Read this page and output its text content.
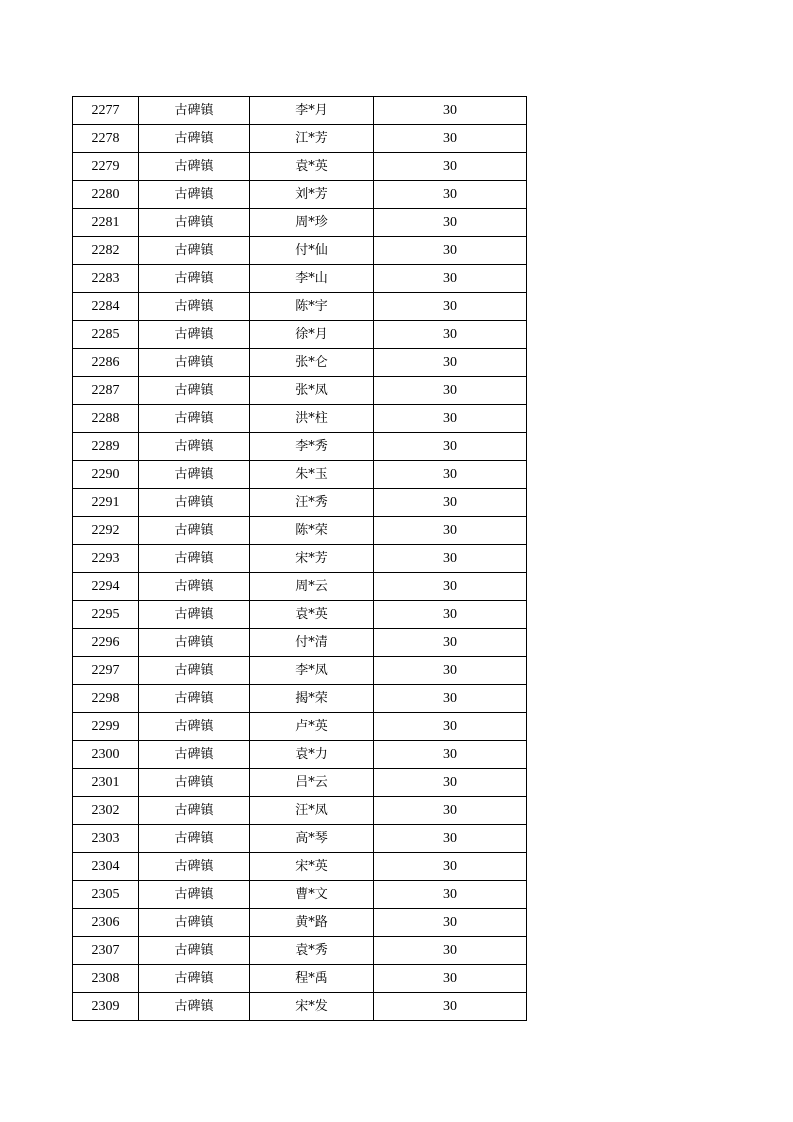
2277	古碑镇	李*月	30
2278	古碑镇	江*芳	30
2279	古碑镇	袁*英	30
2280	古碑镇	刘*芳	30
2281	古碑镇	周*珍	30
2282	古碑镇	付*仙	30
2283	古碑镇	李*山	30
2284	古碑镇	陈*宇	30
2285	古碑镇	徐*月	30
2286	古碑镇	张*仑	30
2287	古碑镇	张*凤	30
2288	古碑镇	洪*柱	30
2289	古碑镇	李*秀	30
2290	古碑镇	朱*玉	30
2291	古碑镇	汪*秀	30
2292	古碑镇	陈*荣	30
2293	古碑镇	宋*芳	30
2294	古碑镇	周*云	30
2295	古碑镇	袁*英	30
2296	古碑镇	付*清	30
2297	古碑镇	李*凤	30
2298	古碑镇	揭*荣	30
2299	古碑镇	卢*英	30
2300	古碑镇	袁*力	30
2301	古碑镇	吕*云	30
2302	古碑镇	汪*凤	30
2303	古碑镇	高*琴	30
2304	古碑镇	宋*英	30
2305	古碑镇	曹*文	30
2306	古碑镇	黄*路	30
2307	古碑镇	袁*秀	30
2308	古碑镇	程*禹	30
2309	古碑镇	宋*发	30
